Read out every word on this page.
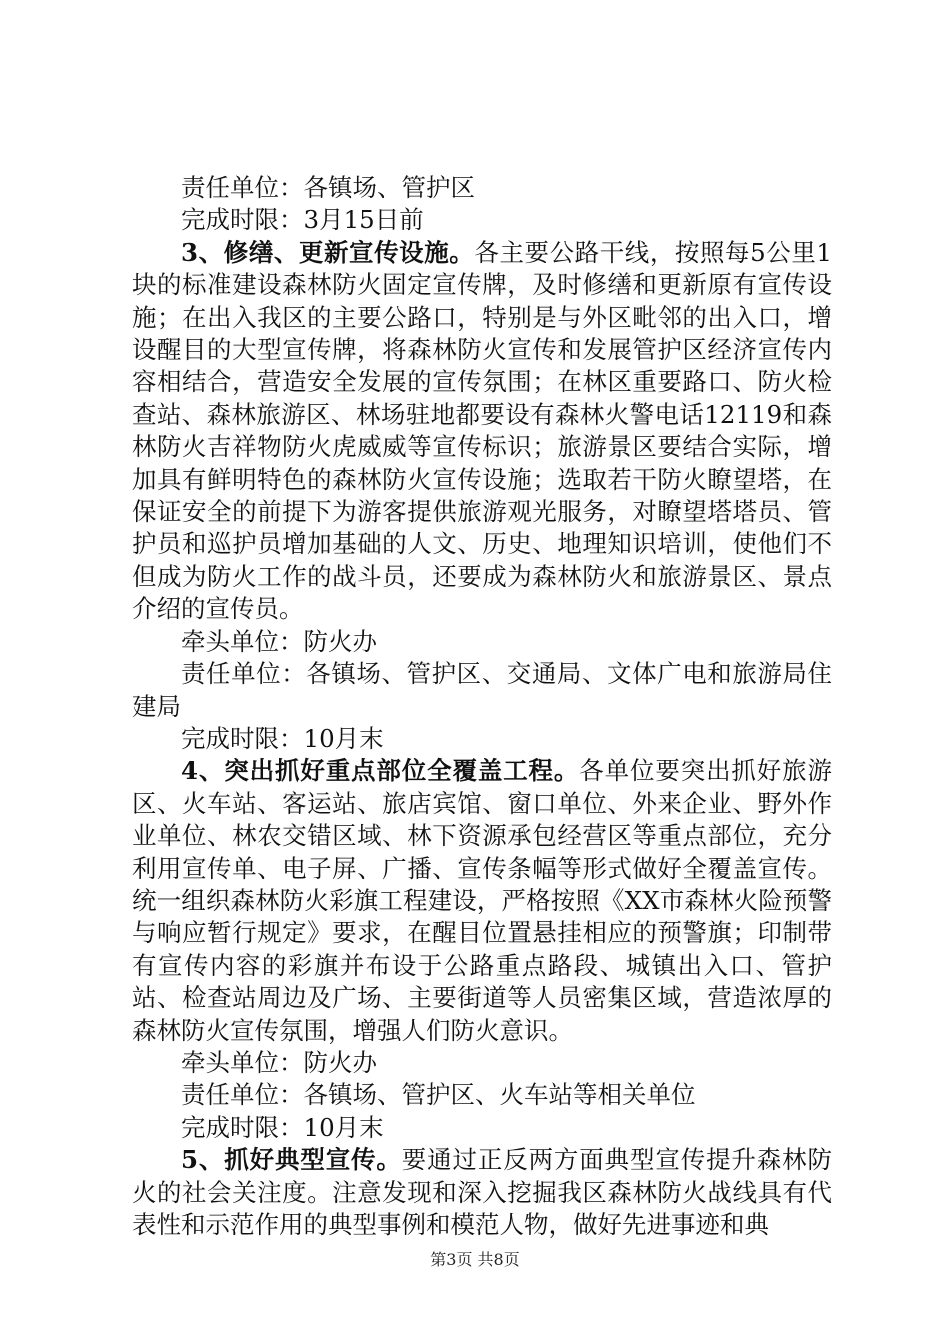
责任单位：各镇场、管护区

完成时限：3月15日前

3、修缮、更新宣传设施。各主要公路干线，按照每5公里1块的标准建设森林防火固定宣传牌，及时修缮和更新原有宣传设施；在出入我区的主要公路口，特别是与外区毗邻的出入口，增设醒目的大型宣传牌，将森林防火宣传和发展管护区经济宣传内容相结合，营造安全发展的宣传氛围；在林区重要路口、防火检查站、森林旅游区、林场驻地都要设有森林火警电话12119和森林防火吉祥物防火虎威威等宣传标识；旅游景区要结合实际，增加具有鲜明特色的森林防火宣传设施；选取若干防火瞭望塔，在保证安全的前提下为游客提供旅游观光服务，对瞭望塔塔员、管护员和巡护员增加基础的人文、历史、地理知识培训，使他们不但成为防火工作的战斗员，还要成为森林防火和旅游景区、景点介绍的宣传员。

牵头单位：防火办

责任单位：各镇场、管护区、交通局、文体广电和旅游局住建局

完成时限：10月末

4、突出抓好重点部位全覆盖工程。各单位要突出抓好旅游区、火车站、客运站、旅店宾馆、窗口单位、外来企业、野外作业单位、林农交错区域、林下资源承包经营区等重点部位，充分利用宣传单、电子屏、广播、宣传条幅等形式做好全覆盖宣传。统一组织森林防火彩旗工程建设，严格按照《XX市森林火险预警与响应暂行规定》要求，在醒目位置悬挂相应的预警旗；印制带有宣传内容的彩旗并布设于公路重点路段、城镇出入口、管护站、检查站周边及广场、主要街道等人员密集区域，营造浓厚的森林防火宣传氛围，增强人们防火意识。

牵头单位：防火办

责任单位：各镇场、管护区、火车站等相关单位

完成时限：10月末

5、抓好典型宣传。要通过正反两方面典型宣传提升森林防火的社会关注度。注意发现和深入挖掘我区森林防火战线具有代表性和示范作用的典型事例和模范人物，做好先进事迹和典

第3页 共8页
